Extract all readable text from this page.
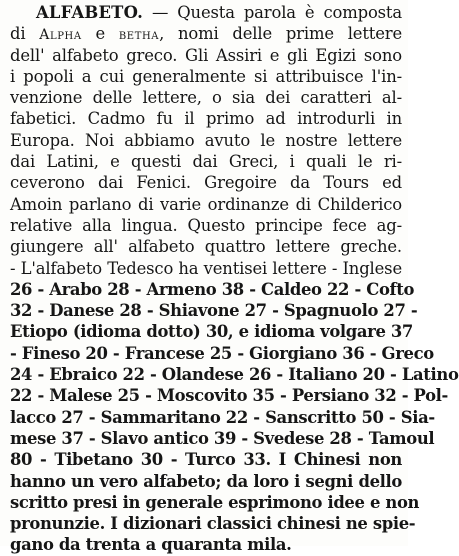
ALFABETO. — Questa parola è composta
di Alpha e betha, nomi delle prime lettere
dell' alfabeto greco. Gli Assiri e gli Egizi sono
i popoli a cui generalmente si attribuisce l'in-
venzione delle lettere, o sia dei caratteri al-
fabetici. Cadmo fu il primo ad introdurli in
Europa. Noi abbiamo avuto le nostre lettere
dai Latini, e questi dai Greci, i quali le ri-
ceverono dai Fenici. Gregoire da Tours ed
Amoin parlano di varie ordinanze di Childerico
relative alla lingua. Questo principe fece ag-
giungere all' alfabeto quattro lettere greche.
- L'alfabeto Tedesco ha ventisei lettere - Inglese
26 - Arabo 28 - Armeno 38 - Caldeo 22 - Cofto
32 - Danese 28 - Shiavone 27 - Spagnuolo 27 -
Etiopo (idioma dotto) 30, e idioma volgare 37
- Fineso 20 - Francese 25 - Giorgiano 36 - Greco
24 - Ebraico 22 - Olandese 26 - Italiano 20 - Latino
22 - Malese 25 - Moscovito 35 - Persiano 32 - Pol-
lacco 27 - Sammaritano 22 - Sanscritto 50 - Sia-
mese 37 - Slavo antico 39 - Svedese 28 - Tamoul
80 - Tibetano 30 - Turco 33. I Chinesi non
hanno un vero alfabeto; da loro i segni dello
scritto presi in generale esprimono idee e non
pronunzie. I dizionari classici chinesi ne spie-
gano da trenta a quaranta mila.
